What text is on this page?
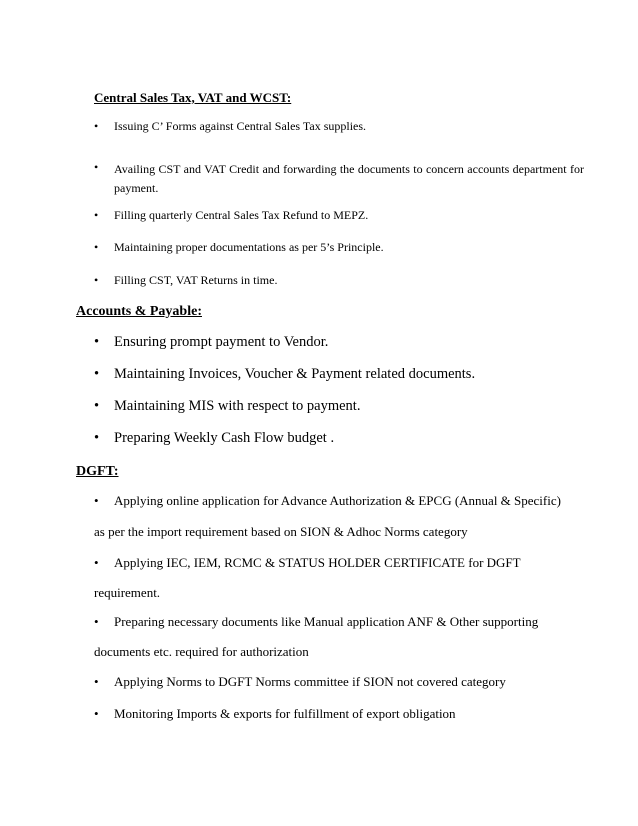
Central Sales Tax, VAT and WCST:
• Issuing C’ Forms against Central Sales Tax supplies.
• Availing CST and VAT Credit and forwarding the documents to concern accounts department for payment.
• Filling quarterly Central Sales Tax Refund to MEPZ.
• Maintaining proper documentations as per 5’s Principle.
• Filling CST, VAT Returns in time.
Accounts & Payable:
• Ensuring prompt payment to Vendor.
• Maintaining Invoices, Voucher & Payment related documents.
• Maintaining MIS with respect to payment.
• Preparing Weekly Cash Flow budget .
DGFT:
• Applying online application for Advance Authorization & EPCG (Annual & Specific)
as per the import requirement based on SION & Adhoc Norms category
• Applying IEC, IEM, RCMC & STATUS HOLDER CERTIFICATE for DGFT
requirement.
• Preparing necessary documents like Manual application ANF & Other supporting
documents etc. required for authorization
• Applying Norms to DGFT Norms committee if SION not covered category
• Monitoring Imports & exports for fulfillment of export obligation
